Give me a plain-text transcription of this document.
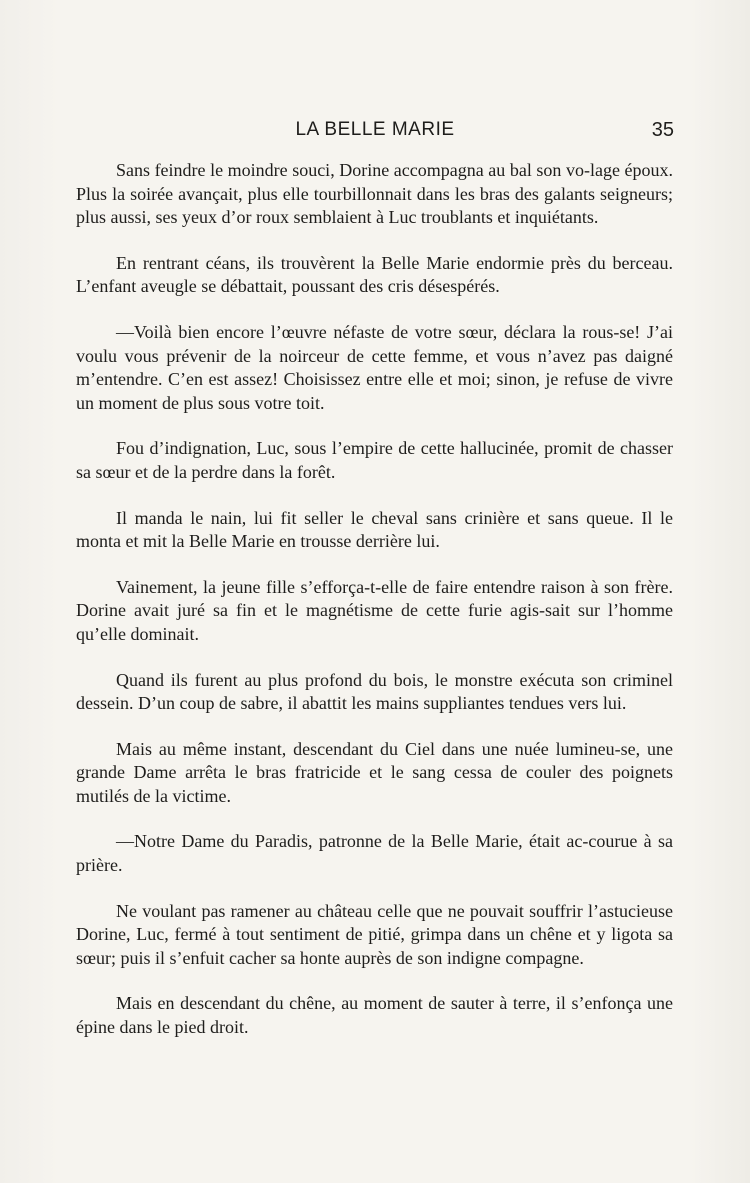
LA BELLE MARIE	35

Sans feindre le moindre souci, Dorine accompagna au bal son vo-lage époux. Plus la soirée avançait, plus elle tourbillonnait dans les bras des galants seigneurs; plus aussi, ses yeux d’or roux semblaient à Luc troublants et inquiétants.

En rentrant céans, ils trouvèrent la Belle Marie endormie près du berceau. L’enfant aveugle se débattait, poussant des cris désespérés.

—Voilà bien encore l’œuvre néfaste de votre sœur, déclara la rous-se! J’ai voulu vous prévenir de la noirceur de cette femme, et vous n’avez pas daigné m’entendre. C’en est assez! Choisissez entre elle et moi; sinon, je refuse de vivre un moment de plus sous votre toit.

Fou d’indignation, Luc, sous l’empire de cette hallucinée, promit de chasser sa sœur et de la perdre dans la forêt.

Il manda le nain, lui fit seller le cheval sans crinière et sans queue. Il le monta et mit la Belle Marie en trousse derrière lui.

Vainement, la jeune fille s’efforça-t-elle de faire entendre raison à son frère. Dorine avait juré sa fin et le magnétisme de cette furie agis-sait sur l’homme qu’elle dominait.

Quand ils furent au plus profond du bois, le monstre exécuta son criminel dessein. D’un coup de sabre, il abattit les mains suppliantes tendues vers lui.

Mais au même instant, descendant du Ciel dans une nuée lumineu-se, une grande Dame arrêta le bras fratricide et le sang cessa de couler des poignets mutilés de la victime.

—Notre Dame du Paradis, patronne de la Belle Marie, était ac-courue à sa prière.

Ne voulant pas ramener au château celle que ne pouvait souffrir l’astucieuse Dorine, Luc, fermé à tout sentiment de pitié, grimpa dans un chêne et y ligota sa sœur; puis il s’enfuit cacher sa honte auprès de son indigne compagne.

Mais en descendant du chêne, au moment de sauter à terre, il s’enfonça une épine dans le pied droit.
